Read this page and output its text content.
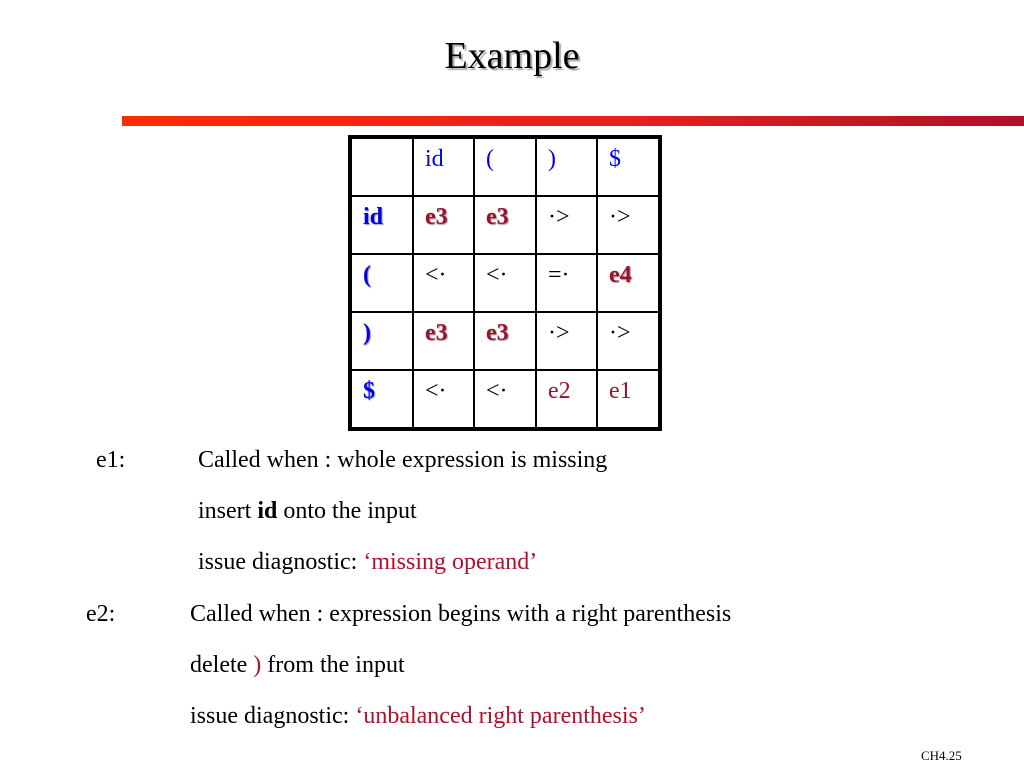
Example
	id	(	)	$
id	e3	e3	·>	·>
(	<·	<·	=·	e4
)	e3	e3	·>	·>
$	<·	<·	e2	e1
e1:	Called when : whole expression is missing
insert id onto the input
issue diagnostic: ‘missing operand’
e2:	Called when : expression begins with a right parenthesis
delete ) from the input
issue diagnostic: ‘unbalanced right parenthesis’
CH4.25
